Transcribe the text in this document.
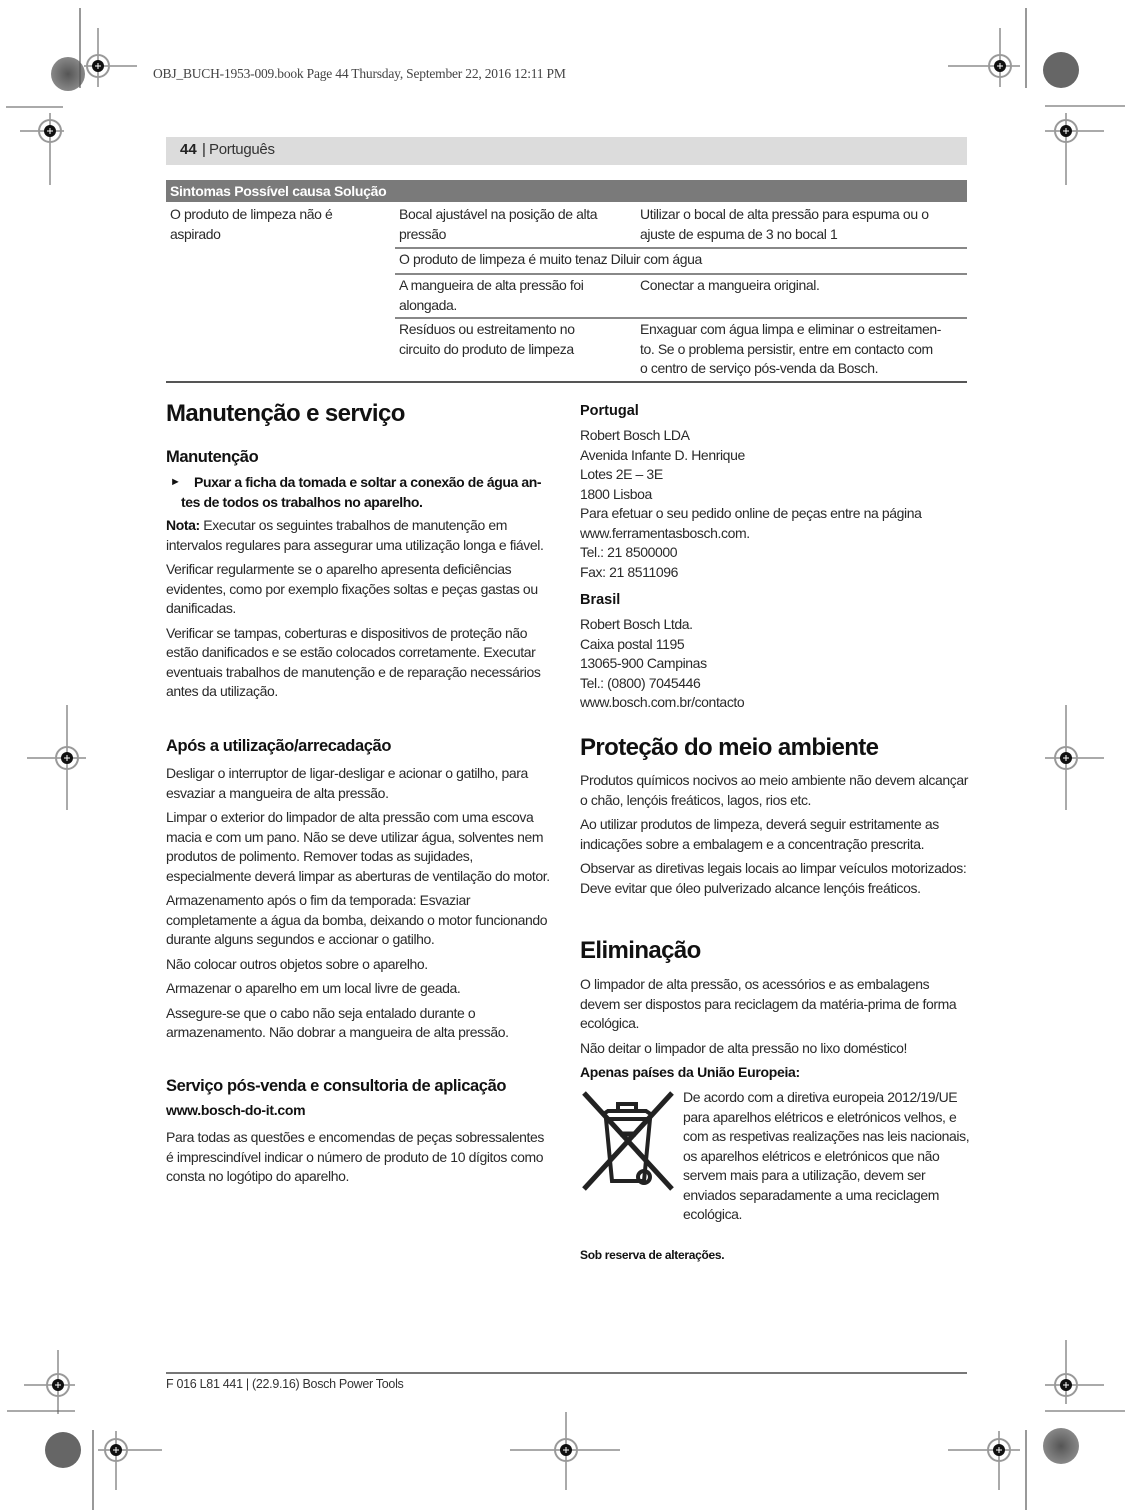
OBJ_BUCH-1953-009.book Page 44 Thursday, September 22, 2016 12:11 PM
44 | Português
Sintomas Possível causa Solução
O produto de limpeza não é
aspirado
Bocal ajustável na posição de alta
pressão
Utilizar o bocal de alta pressão para espuma ou o
ajuste de espuma de 3 no bocal 1
O produto de limpeza é muito tenaz Diluir com água
A mangueira de alta pressão foi
alongada.
Conectar a mangueira original.
Resíduos ou estreitamento no
circuito do produto de limpeza
Enxaguar com água limpa e eliminar o estreitamen-
to. Se o problema persistir, entre em contacto com
o centro de serviço pós-venda da Bosch.
Manutenção e serviço
Manutenção
► Puxar a ficha da tomada e soltar a conexão de água an-
tes de todos os trabalhos no aparelho.

Nota: Executar os seguintes trabalhos de manutenção em intervalos regulares para assegurar uma utilização longa e fiável.

Verificar regularmente se o aparelho apresenta deficiências evidentes, como por exemplo fixações soltas e peças gastas ou danificadas.

Verificar se tampas, coberturas e dispositivos de proteção não estão danificados e se estão colocados corretamente. Executar eventuais trabalhos de manutenção e de reparação necessários antes da utilização.

Após a utilização/arrecadação

Desligar o interruptor de ligar-desligar e acionar o gatilho, para esvaziar a mangueira de alta pressão.

Limpar o exterior do limpador de alta pressão com uma escova macia e com um pano. Não se deve utilizar água, solventes nem produtos de polimento. Remover todas as sujidades, especialmente deverá limpar as aberturas de ventilação do motor.

Armazenamento após o fim da temporada: Esvaziar completamente a água da bomba, deixando o motor funcionando durante alguns segundos e accionar o gatilho.

Não colocar outros objetos sobre o aparelho.

Armazenar o aparelho em um local livre de geada.

Assegure-se que o cabo não seja entalado durante o armazenamento. Não dobrar a mangueira de alta pressão.

Serviço pós-venda e consultoria de aplicação
www.bosch-do-it.com

Para todas as questões e encomendas de peças sobressalentes é imprescindível indicar o número de produto de 10 dígitos como consta no logótipo do aparelho.

Portugal
Robert Bosch LDA
Avenida Infante D. Henrique
Lotes 2E – 3E
1800 Lisboa
Para efetuar o seu pedido online de peças entre na página
www.ferramentasbosch.com.
Tel.: 21 8500000
Fax: 21 8511096
Brasil
Robert Bosch Ltda.
Caixa postal 1195
13065-900 Campinas
Tel.: (0800) 7045446
www.bosch.com.br/contacto
Proteção do meio ambiente

Produtos químicos nocivos ao meio ambiente não devem alcançar o chão, lençóis freáticos, lagos, rios etc.

Ao utilizar produtos de limpeza, deverá seguir estritamente as indicações sobre a embalagem e a concentração prescrita.

Observar as diretivas legais locais ao limpar veículos motorizados: Deve evitar que óleo pulverizado alcance lençóis freáticos.

Eliminação

O limpador de alta pressão, os acessórios e as embalagens devem ser dispostos para reciclagem da matéria-prima de forma ecológica.

Não deitar o limpador de alta pressão no lixo doméstico!

Apenas países da União Europeia:

De acordo com a diretiva europeia 2012/19/UE para aparelhos elétricos e eletrónicos velhos, e com as respetivas realizações nas leis nacionais, os aparelhos elétricos e eletrónicos que não servem mais para a utilização, devem ser enviados separadamente a uma reciclagem ecológica.

Sob reserva de alterações.
F 016 L81 441 | (22.9.16) Bosch Power Tools
